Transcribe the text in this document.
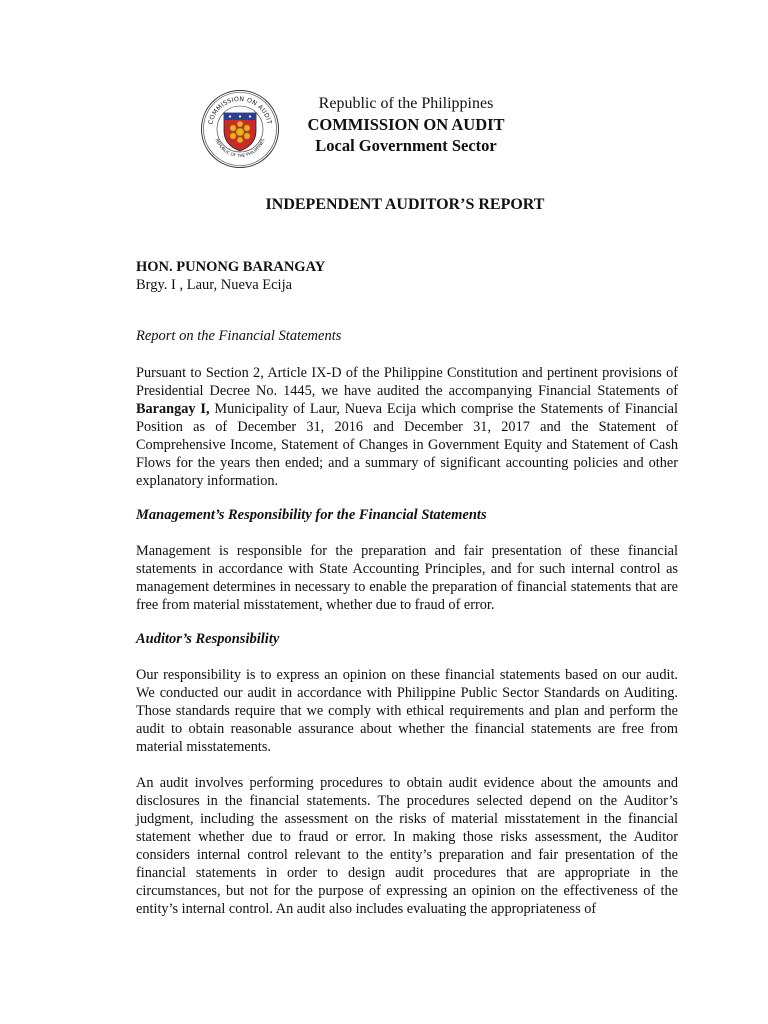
COMMISSION ON AUDIT
REPUBLIC OF THE PHILIPPINES
Republic of the Philippines
COMMISSION ON AUDIT
Local Government Sector
INDEPENDENT AUDITOR’S REPORT
HON. PUNONG BARANGAY
Brgy. I , Laur, Nueva Ecija
Report on the Financial Statements
Pursuant to Section 2, Article IX-D of the Philippine Constitution and pertinent provisions of Presidential Decree No. 1445, we have audited the accompanying Financial Statements of Barangay I, Municipality of Laur, Nueva Ecija which comprise the Statements of Financial Position as of December 31, 2016 and December 31, 2017 and the Statement of Comprehensive Income, Statement of Changes in Government Equity and Statement of Cash Flows for the years then ended; and a summary of significant accounting policies and other explanatory information.
Management’s Responsibility for the Financial Statements
Management is responsible for the preparation and fair presentation of these financial statements in accordance with State Accounting Principles, and for such internal control as management determines in necessary to enable the preparation of financial statements that are free from material misstatement, whether due to fraud of error.
Auditor’s Responsibility
Our responsibility is to express an opinion on these financial statements based on our audit. We conducted our audit in accordance with Philippine Public Sector Standards on Auditing. Those standards require that we comply with ethical requirements and plan and perform the audit to obtain reasonable assurance about whether the financial statements are free from material misstatements.
An audit involves performing procedures to obtain audit evidence about the amounts and disclosures in the financial statements. The procedures selected depend on the Auditor’s judgment, including the assessment on the risks of material misstatement in the financial statement whether due to fraud or error. In making those risks assessment, the Auditor considers internal control relevant to the entity’s preparation and fair presentation of the financial statements in order to design audit procedures that are appropriate in the circumstances, but not for the purpose of expressing an opinion on the effectiveness of the entity’s internal control. An audit also includes evaluating the appropriateness of
